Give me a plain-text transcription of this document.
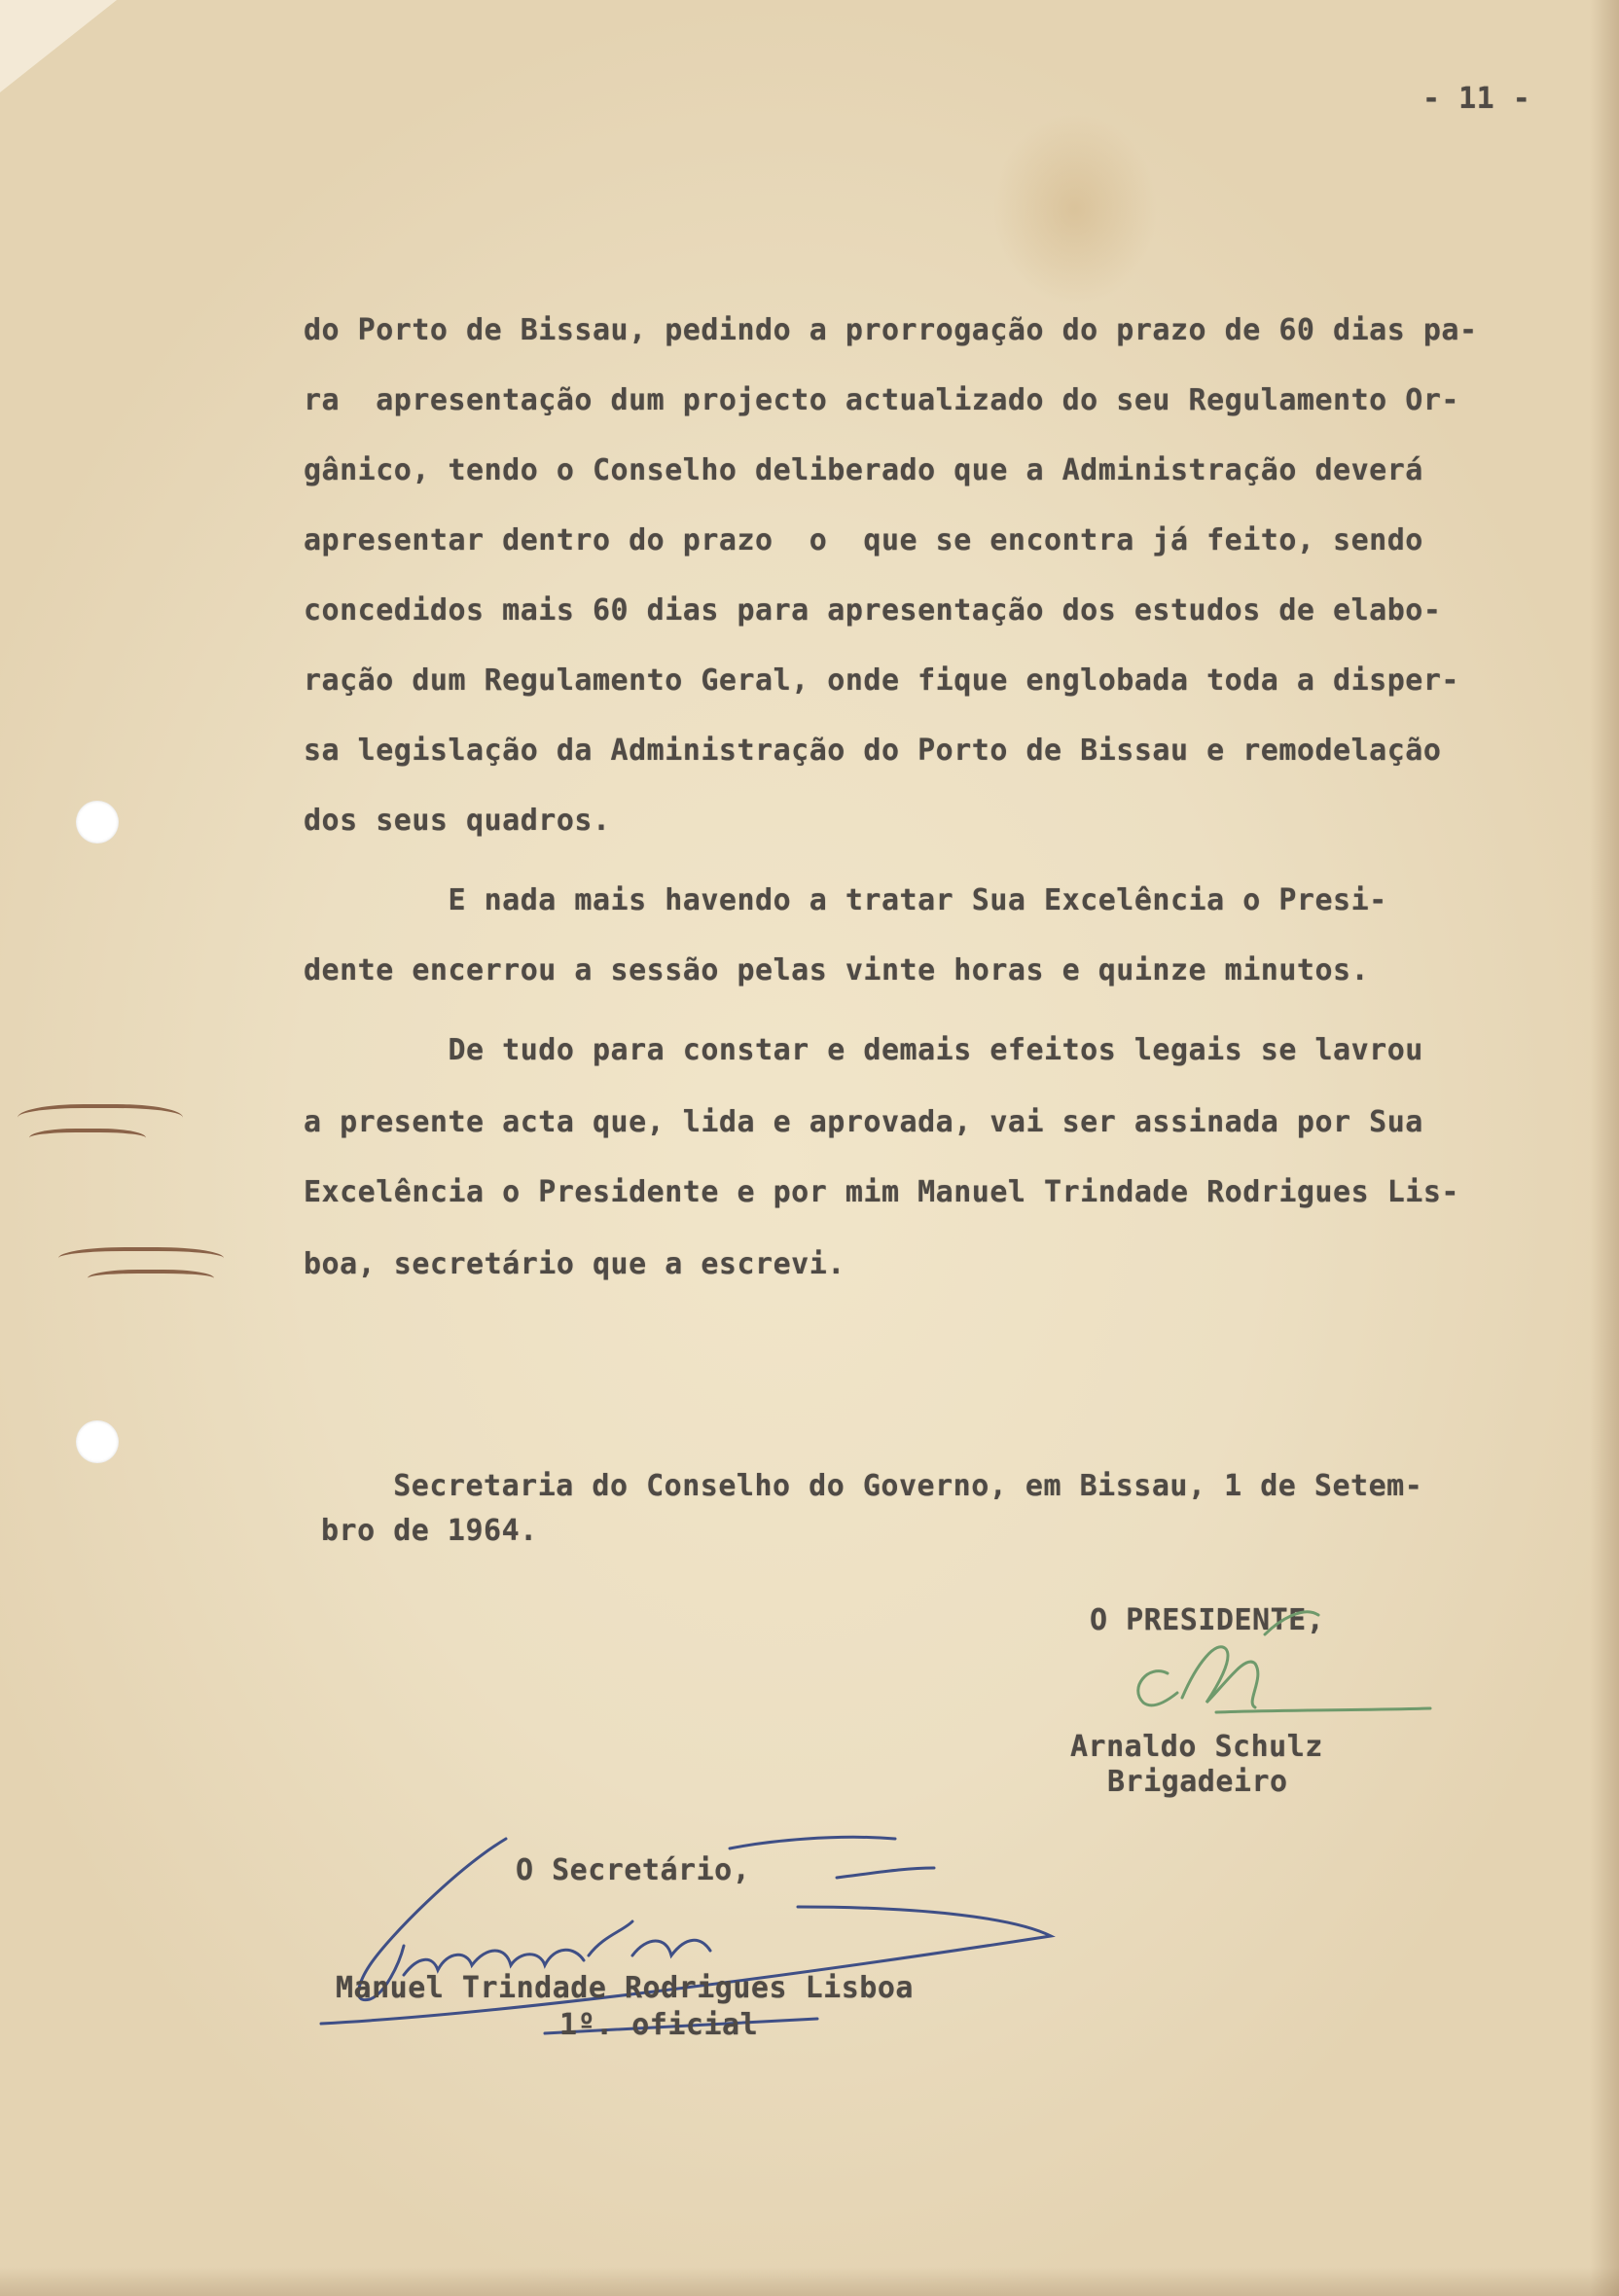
- 11 -
do Porto de Bissau, pedindo a prorrogação do prazo de 60 dias pa-
ra  apresentação dum projecto actualizado do seu Regulamento Or-
gânico, tendo o Conselho deliberado que a Administração deverá
apresentar dentro do prazo  o  que se encontra já feito, sendo
concedidos mais 60 dias para apresentação dos estudos de elabo-
ração dum Regulamento Geral, onde fique englobada toda a disper-
sa legislação da Administração do Porto de Bissau e remodelação
dos seus quadros.
E nada mais havendo a tratar Sua Excelência o Presi-
dente encerrou a sessão pelas vinte horas e quinze minutos.
De tudo para constar e demais efeitos legais se lavrou
a presente acta que, lida e aprovada, vai ser assinada por Sua
Excelência o Presidente e por mim Manuel Trindade Rodrigues Lis-
boa, secretário que a escrevi.
Secretaria do Conselho do Governo, em Bissau, 1 de Setem-
bro de 1964.
O PRESIDENTE,
Arnaldo Schulz
Brigadeiro
O Secretário,
Manuel Trindade Rodrigues Lisboa
1º. oficial
